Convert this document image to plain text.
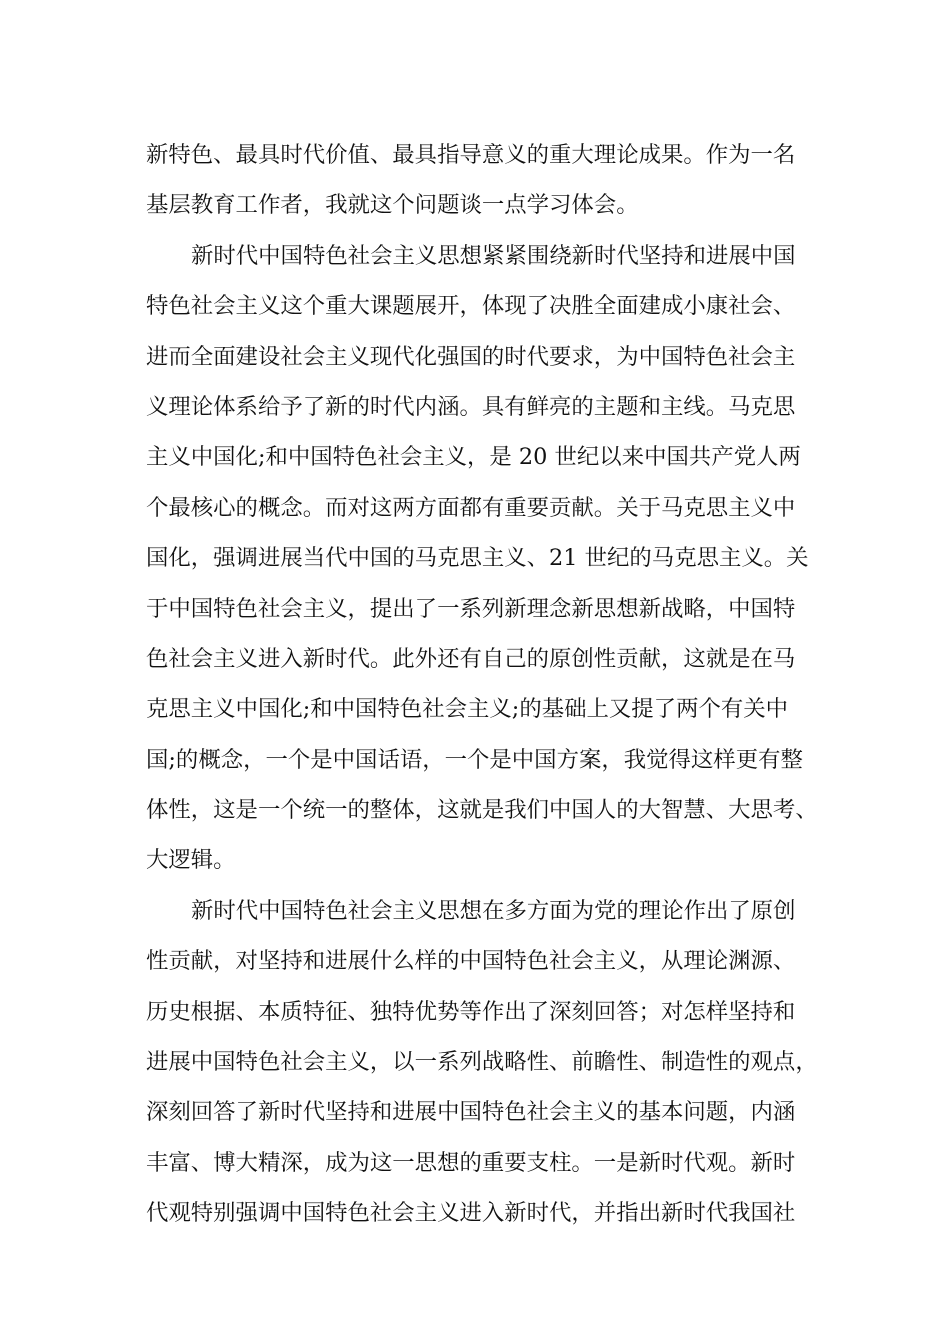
新特色、最具时代价值、最具指导意义的重大理论成果。作为一名
基层教育工作者，我就这个问题谈一点学习体会。
新时代中国特色社会主义思想紧紧围绕新时代坚持和进展中国
特色社会主义这个重大课题展开，体现了决胜全面建成小康社会、
进而全面建设社会主义现代化强国的时代要求，为中国特色社会主
义理论体系给予了新的时代内涵。具有鲜亮的主题和主线。马克思
主义中国化;和中国特色社会主义，是 20 世纪以来中国共产党人两
个最核心的概念。而对这两方面都有重要贡献。关于马克思主义中
国化，强调进展当代中国的马克思主义、21 世纪的马克思主义。关
于中国特色社会主义，提出了一系列新理念新思想新战略，中国特
色社会主义进入新时代。此外还有自己的原创性贡献，这就是在马
克思主义中国化;和中国特色社会主义;的基础上又提了两个有关中
国;的概念，一个是中国话语，一个是中国方案，我觉得这样更有整
体性，这是一个统一的整体，这就是我们中国人的大智慧、大思考、
大逻辑。
新时代中国特色社会主义思想在多方面为党的理论作出了原创
性贡献，对坚持和进展什么样的中国特色社会主义，从理论渊源、
历史根据、本质特征、独特优势等作出了深刻回答；对怎样坚持和
进展中国特色社会主义，以一系列战略性、前瞻性、制造性的观点，
深刻回答了新时代坚持和进展中国特色社会主义的基本问题，内涵
丰富、博大精深，成为这一思想的重要支柱。一是新时代观。新时
代观特别强调中国特色社会主义进入新时代，并指出新时代我国社
